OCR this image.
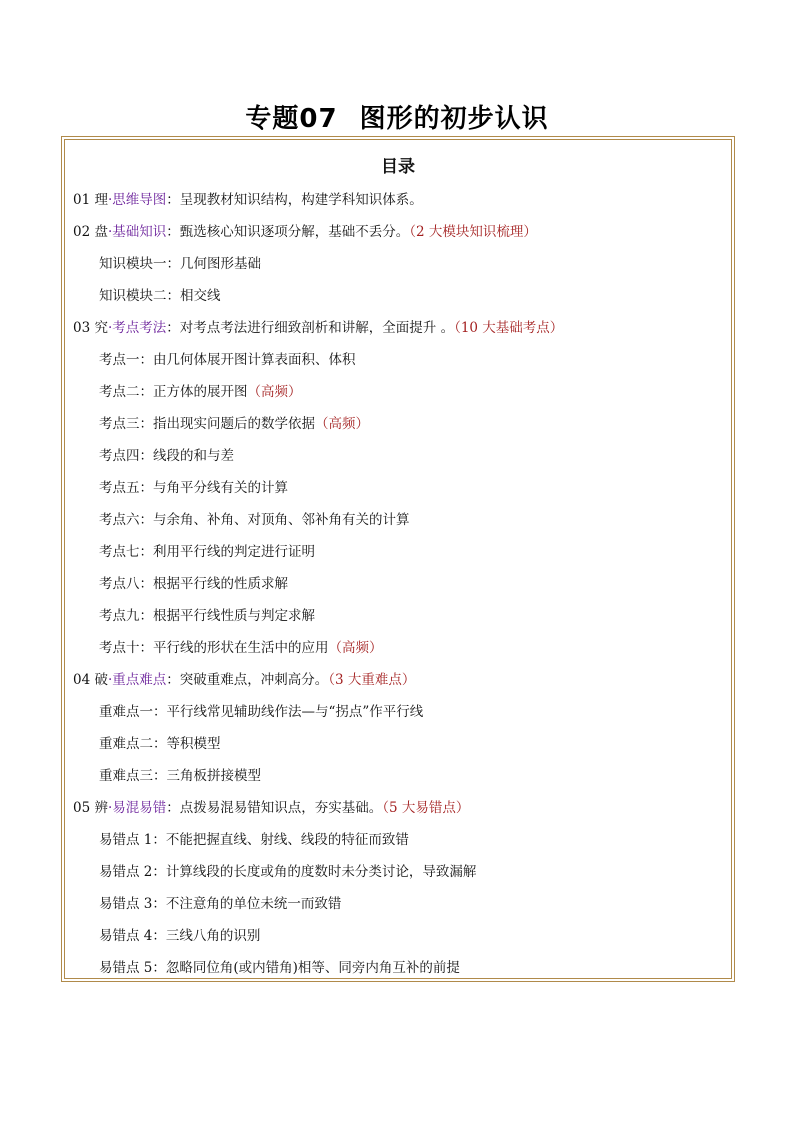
专题07 图形的初步认识
目录
01 理·思维导图：呈现教材知识结构，构建学科知识体系。
02 盘·基础知识：甄选核心知识逐项分解，基础不丢分。（2 大模块知识梳理）
知识模块一：几何图形基础
知识模块二：相交线
03 究·考点考法：对考点考法进行细致剖析和讲解，全面提升 。（10 大基础考点）
考点一：由几何体展开图计算表面积、体积
考点二：正方体的展开图（高频）
考点三：指出现实问题后的数学依据（高频）
考点四：线段的和与差
考点五：与角平分线有关的计算
考点六：与余角、补角、对顶角、邻补角有关的计算
考点七：利用平行线的判定进行证明
考点八：根据平行线的性质求解
考点九：根据平行线性质与判定求解
考点十：平行线的形状在生活中的应用（高频）
04 破·重点难点：突破重难点，冲刺高分。（3 大重难点）
重难点一：平行线常见辅助线作法—与“拐点”作平行线
重难点二：等积模型
重难点三：三角板拼接模型
05 辨·易混易错：点拨易混易错知识点，夯实基础。（5 大易错点）
易错点 1：不能把握直线、射线、线段的特征而致错
易错点 2：计算线段的长度或角的度数时未分类讨论，导致漏解
易错点 3：不注意角的单位未统一而致错
易错点 4：三线八角的识别
易错点 5：忽略同位角(或内错角)相等、同旁内角互补的前提
